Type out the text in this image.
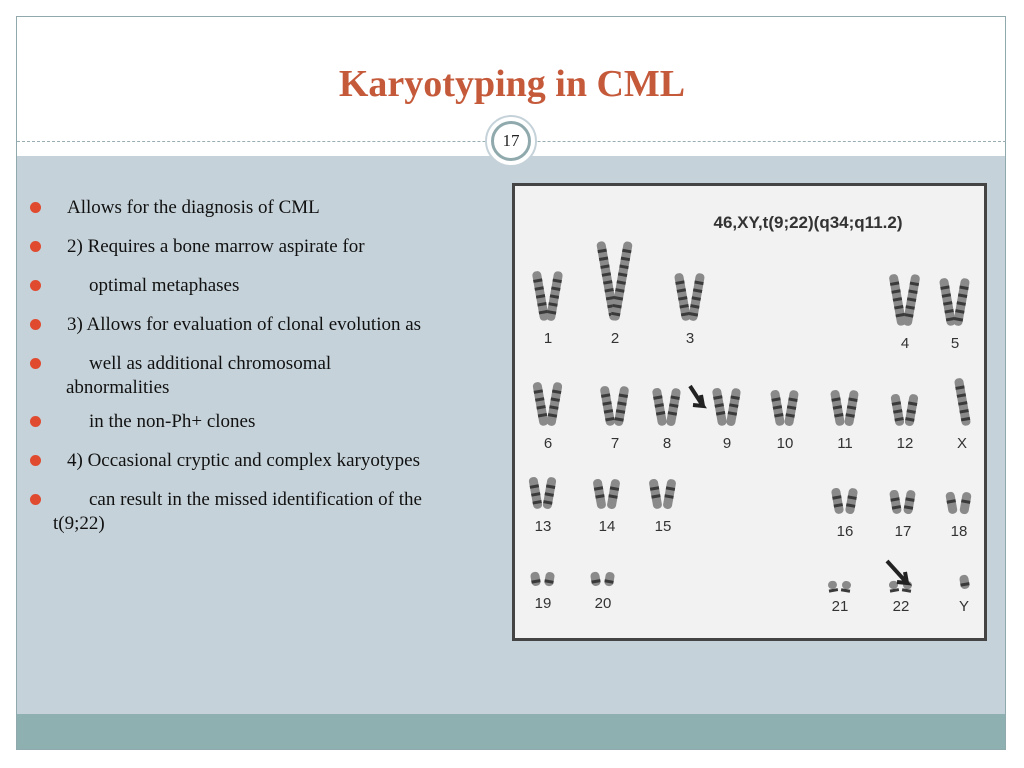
Karyotyping in CML
17
Allows for the diagnosis of CML
2) Requires a bone marrow aspirate for
optimal metaphases
3) Allows for evaluation of clonal evolution as
well as additional chromosomal
abnormalities
in the non-Ph+ clones
4) Occasional cryptic and complex karyotypes
can result in the missed identification of the
t(9;22)
46,XY,t(9;22)(q34;q11.2)
1	2	3	4	5
6	7	8	9	10	11	12	X
13	14	15	16	17	18
19	20	21	22	Y
